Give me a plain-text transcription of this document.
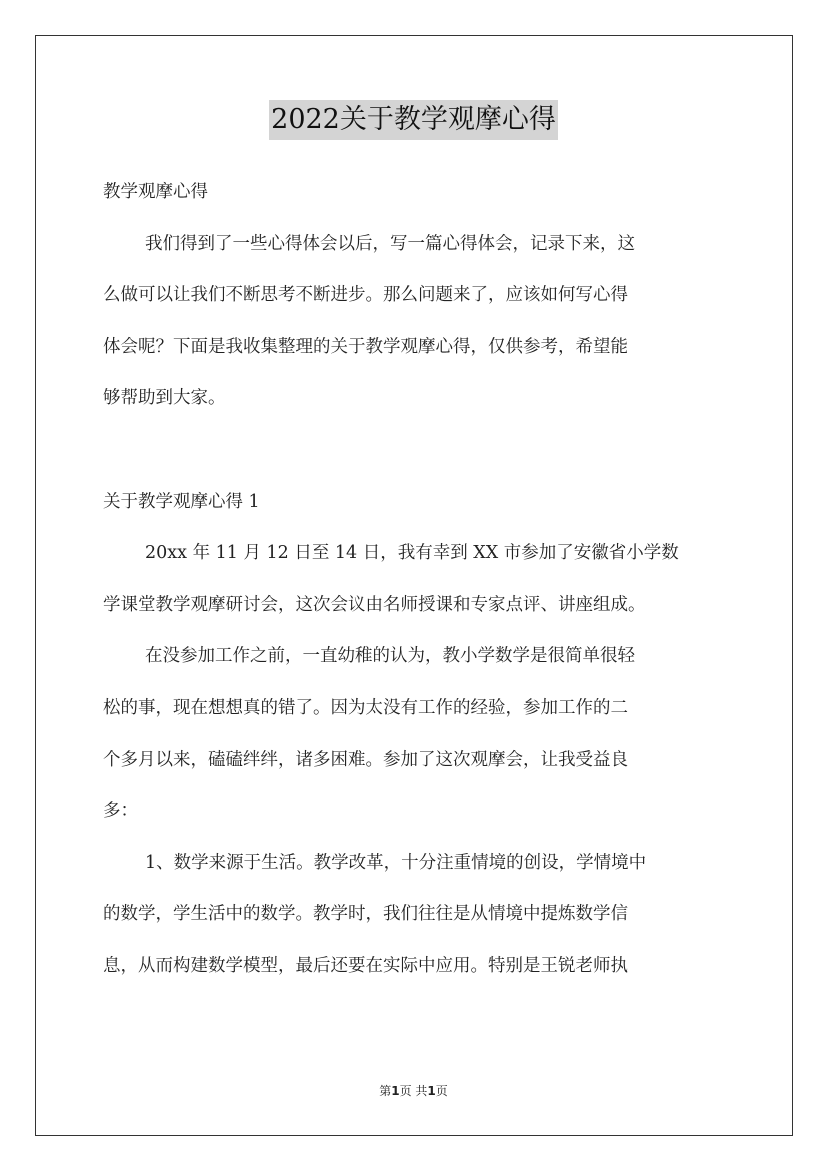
2022关于教学观摩心得
教学观摩心得
我们得到了一些心得体会以后，写一篇心得体会，记录下来，这
么做可以让我们不断思考不断进步。那么问题来了，应该如何写心得
体会呢？下面是我收集整理的关于教学观摩心得，仅供参考，希望能
够帮助到大家。
关于教学观摩心得 1
20xx 年 11 月 12 日至 14 日，我有幸到 XX 市参加了安徽省小学数
学课堂教学观摩研讨会，这次会议由名师授课和专家点评、讲座组成。
在没参加工作之前，一直幼稚的认为，教小学数学是很简单很轻
松的事，现在想想真的错了。因为太没有工作的经验，参加工作的二
个多月以来，磕磕绊绊，诸多困难。参加了这次观摩会，让我受益良
多：
1、数学来源于生活。教学改革，十分注重情境的创设，学情境中
的数学，学生活中的数学。教学时，我们往往是从情境中提炼数学信
息，从而构建数学模型，最后还要在实际中应用。特别是王锐老师执
第1页 共1页
